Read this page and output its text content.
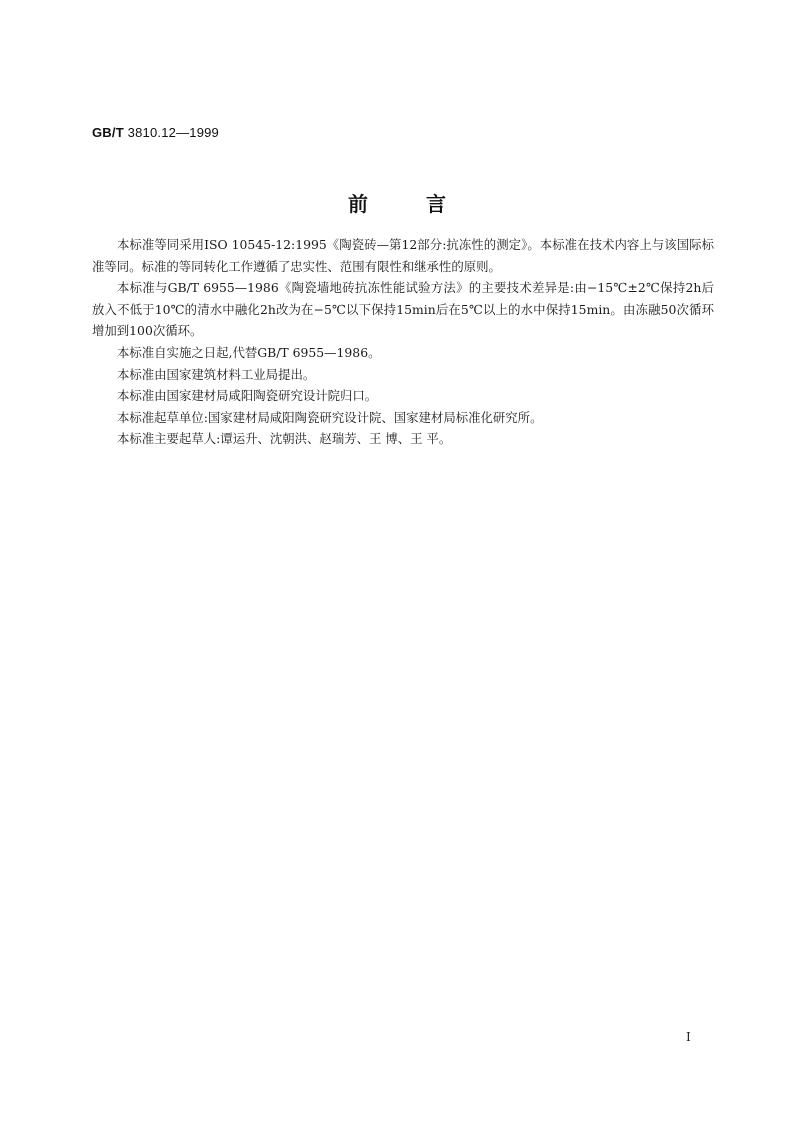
GB/T 3810.12—1999
前言

本标准等同采用ISO 10545-12:1995《陶瓷砖—第12部分:抗冻性的测定》。本标准在技术内容上与该国际标准等同。标准的等同转化工作遵循了忠实性、范围有限性和继承性的原则。

本标准与GB/T 6955—1986《陶瓷墙地砖抗冻性能试验方法》的主要技术差异是:由−15℃±2℃保持2h后放入不低于10℃的清水中融化2h改为在−5℃以下保持15min后在5℃以上的水中保持15min。由冻融50次循环增加到100次循环。

本标准自实施之日起,代替GB/T 6955—1986。

本标准由国家建筑材料工业局提出。

本标准由国家建材局咸阳陶瓷研究设计院归口。

本标准起草单位:国家建材局咸阳陶瓷研究设计院、国家建材局标准化研究所。

本标准主要起草人:谭运升、沈朝洪、赵瑞芳、王 博、王 平。

I
